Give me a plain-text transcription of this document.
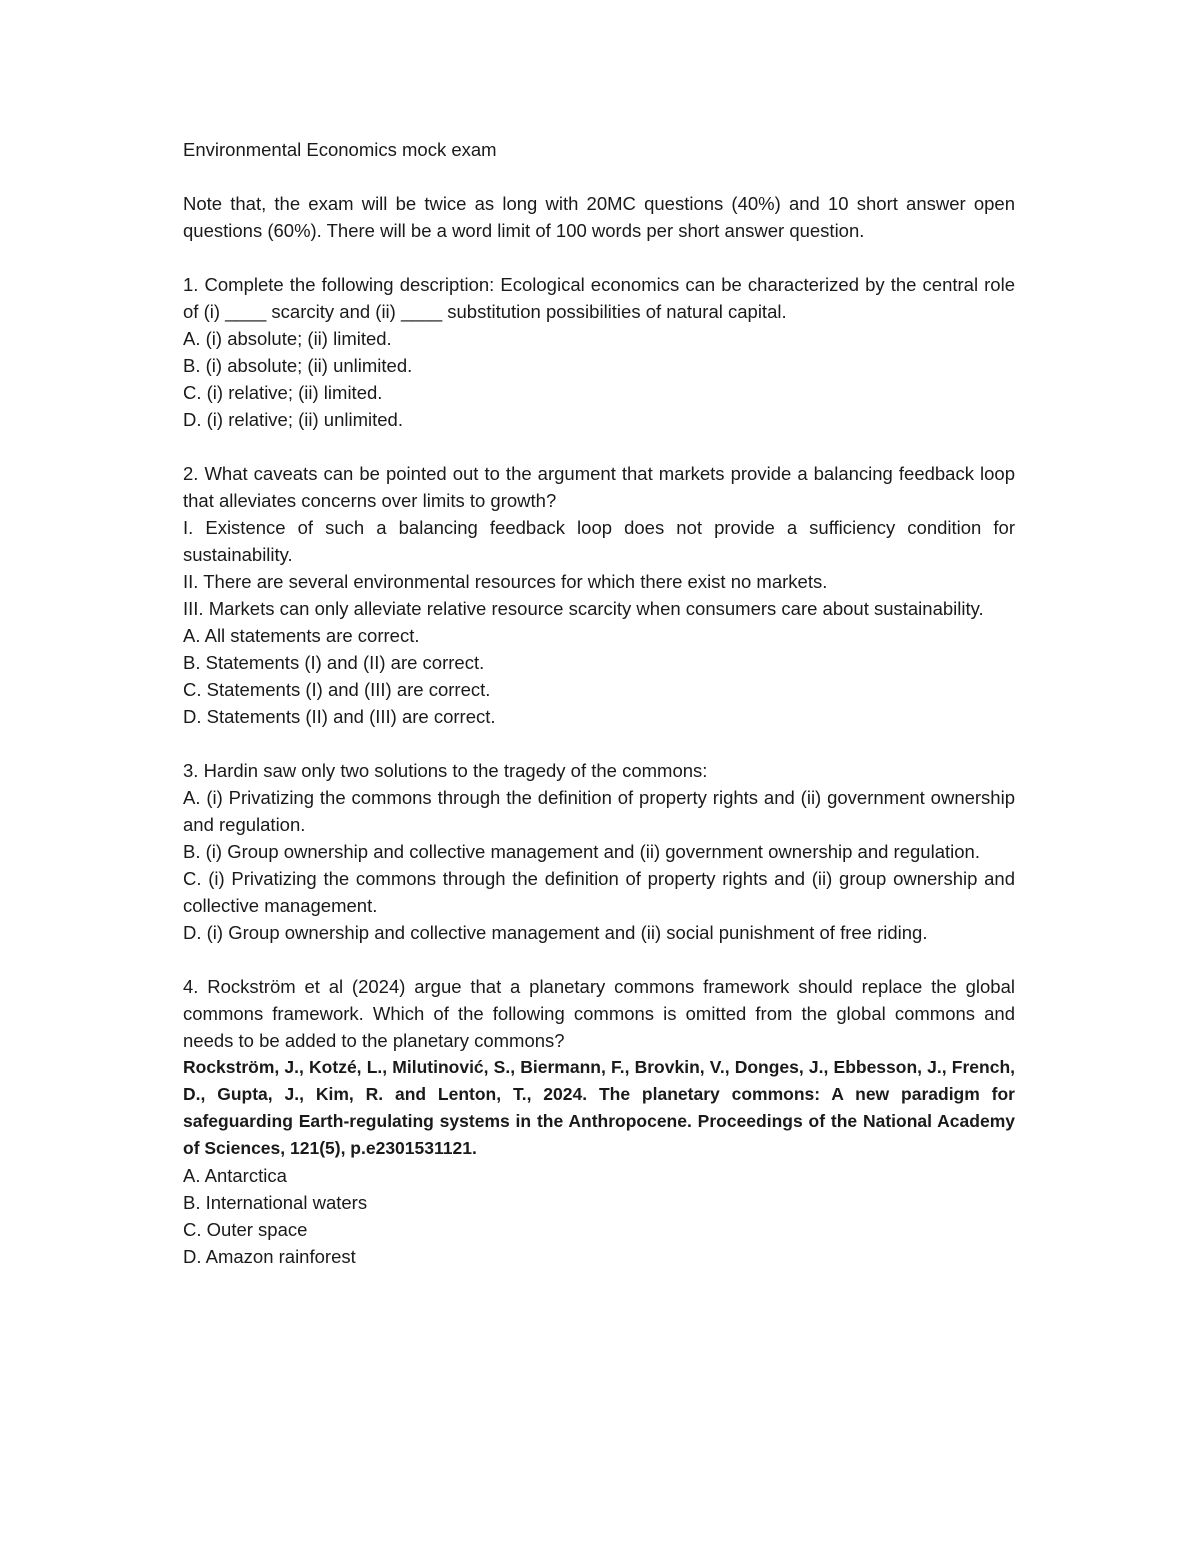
Environmental Economics mock exam

Note that, the exam will be twice as long with 20MC questions (40%) and 10 short answer open questions (60%). There will be a word limit of 100 words per short answer question.

1. Complete the following description: Ecological economics can be characterized by the central role of (i) ____ scarcity and (ii) ____ substitution possibilities of natural capital.

A. (i) absolute; (ii) limited.

B. (i) absolute; (ii) unlimited.

C. (i) relative; (ii) limited.

D. (i) relative; (ii) unlimited.

2. What caveats can be pointed out to the argument that markets provide a balancing feedback loop that alleviates concerns over limits to growth?

I. Existence of such a balancing feedback loop does not provide a sufficiency condition for sustainability.

II. There are several environmental resources for which there exist no markets.

III. Markets can only alleviate relative resource scarcity when consumers care about sustainability.

A. All statements are correct.

B. Statements (I) and (II) are correct.

C. Statements (I) and (III) are correct.

D. Statements (II) and (III) are correct.

3. Hardin saw only two solutions to the tragedy of the commons:

A. (i) Privatizing the commons through the definition of property rights and (ii) government ownership and regulation.

B. (i) Group ownership and collective management and (ii) government ownership and regulation.

C. (i) Privatizing the commons through the definition of property rights and (ii) group ownership and collective management.

D. (i) Group ownership and collective management and (ii) social punishment of free riding.

4. Rockström et al (2024) argue that a planetary commons framework should replace the global commons framework. Which of the following commons is omitted from the global commons and needs to be added to the planetary commons?

Rockström, J., Kotzé, L., Milutinović, S., Biermann, F., Brovkin, V., Donges, J., Ebbesson, J., French, D., Gupta, J., Kim, R. and Lenton, T., 2024. The planetary commons: A new paradigm for safeguarding Earth-regulating systems in the Anthropocene. Proceedings of the National Academy of Sciences, 121(5), p.e2301531121.

A. Antarctica

B. International waters

C. Outer space

D. Amazon rainforest
